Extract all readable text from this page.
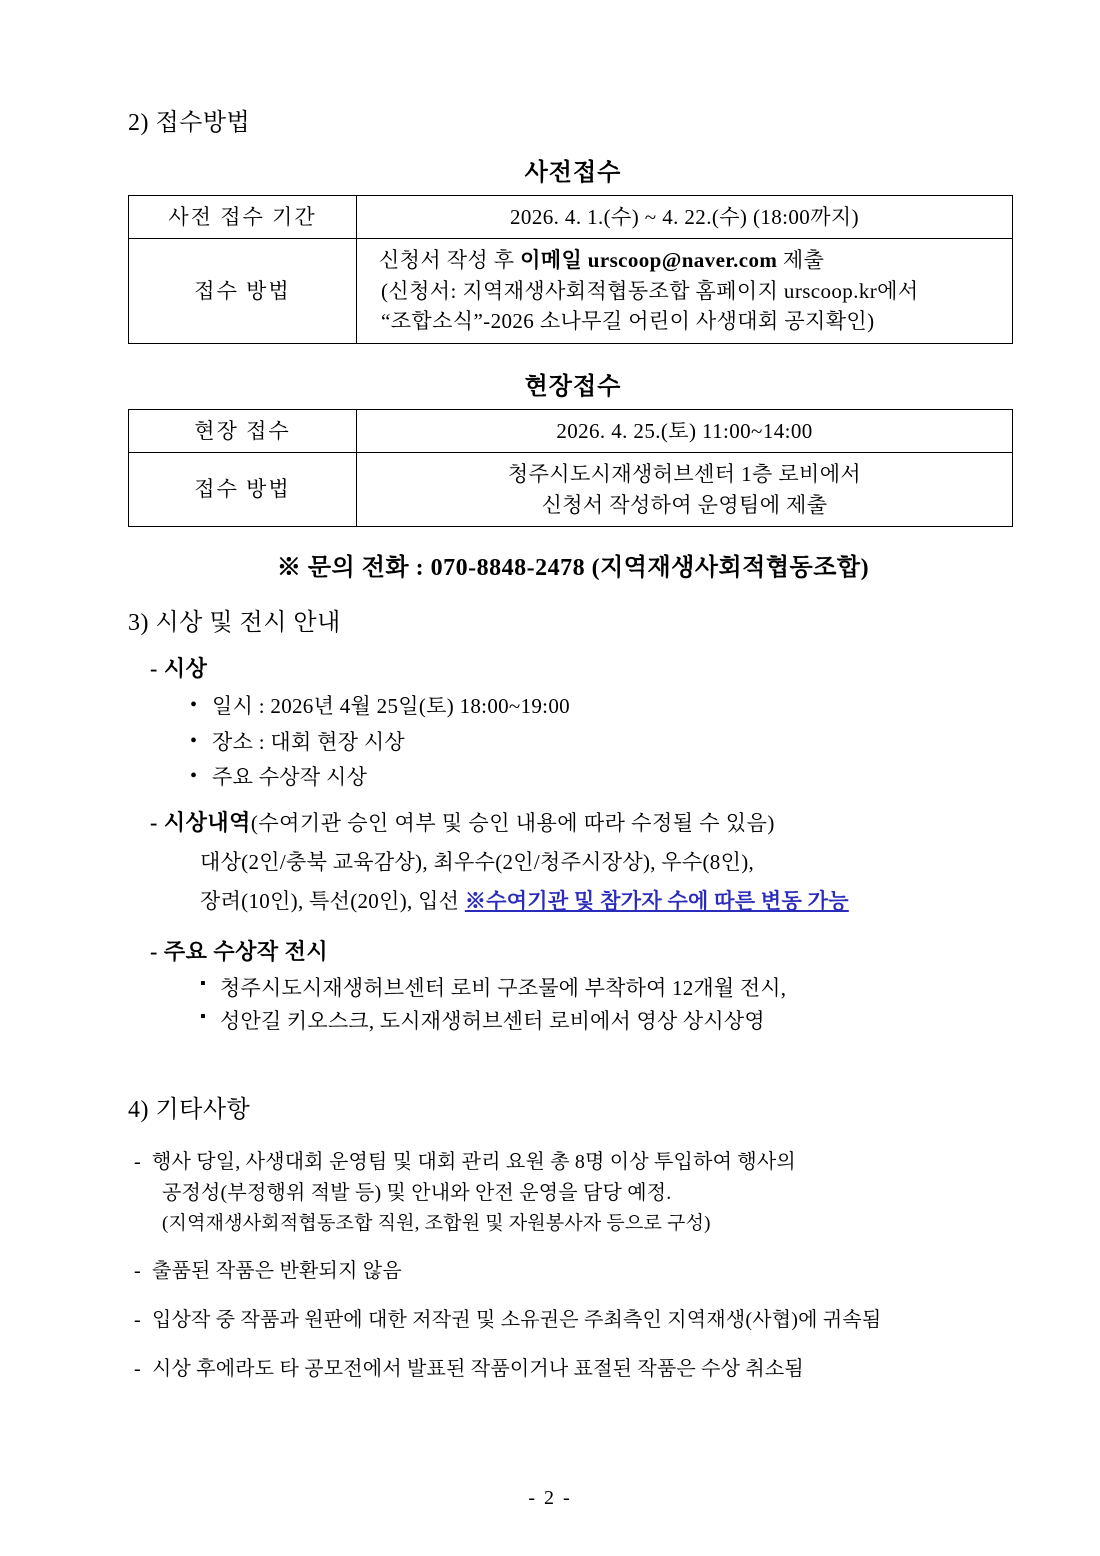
2) 접수방법
사전접수
사전 접수 기간	2026. 4. 1.(수) ~ 4. 22.(수) (18:00까지)
접수 방법	신청서 작성 후 이메일 urscoop@naver.com 제출
(신청서: 지역재생사회적협동조합 홈페이지 urscoop.kr에서
“조합소식”-2026 소나무길 어린이 사생대회 공지확인)
현장접수
현장 접수	2026. 4. 25.(토) 11:00~14:00
접수 방법	청주시도시재생허브센터 1층 로비에서
신청서 작성하여 운영팀에 제출
※ 문의 전화 : 070-8848-2478 (지역재생사회적협동조합)
3) 시상 및 전시 안내
- 시상
• 일시 : 2026년 4월 25일(토) 18:00~19:00
• 장소 : 대회 현장 시상
• 주요 수상작 시상
- 시상내역(수여기관 승인 여부 및 승인 내용에 따라 수정될 수 있음)
대상(2인/충북 교육감상), 최우수(2인/청주시장상), 우수(8인),
장려(10인), 특선(20인), 입선 ※수여기관 및 참가자 수에 따른 변동 가능
- 주요 수상작 전시
▪ 청주시도시재생허브센터 로비 구조물에 부착하여 12개월 전시,
▪ 성안길 키오스크, 도시재생허브센터 로비에서 영상 상시상영
4) 기타사항
- 행사 당일, 사생대회 운영팀 및 대회 관리 요원 총 8명 이상 투입하여 행사의
공정성(부정행위 적발 등) 및 안내와 안전 운영을 담당 예정.
(지역재생사회적협동조합 직원, 조합원 및 자원봉사자 등으로 구성)
- 출품된 작품은 반환되지 않음
- 입상작 중 작품과 원판에 대한 저작권 및 소유권은 주최측인 지역재생(사협)에 귀속됨
- 시상 후에라도 타 공모전에서 발표된 작품이거나 표절된 작품은 수상 취소됨
- 2 -
